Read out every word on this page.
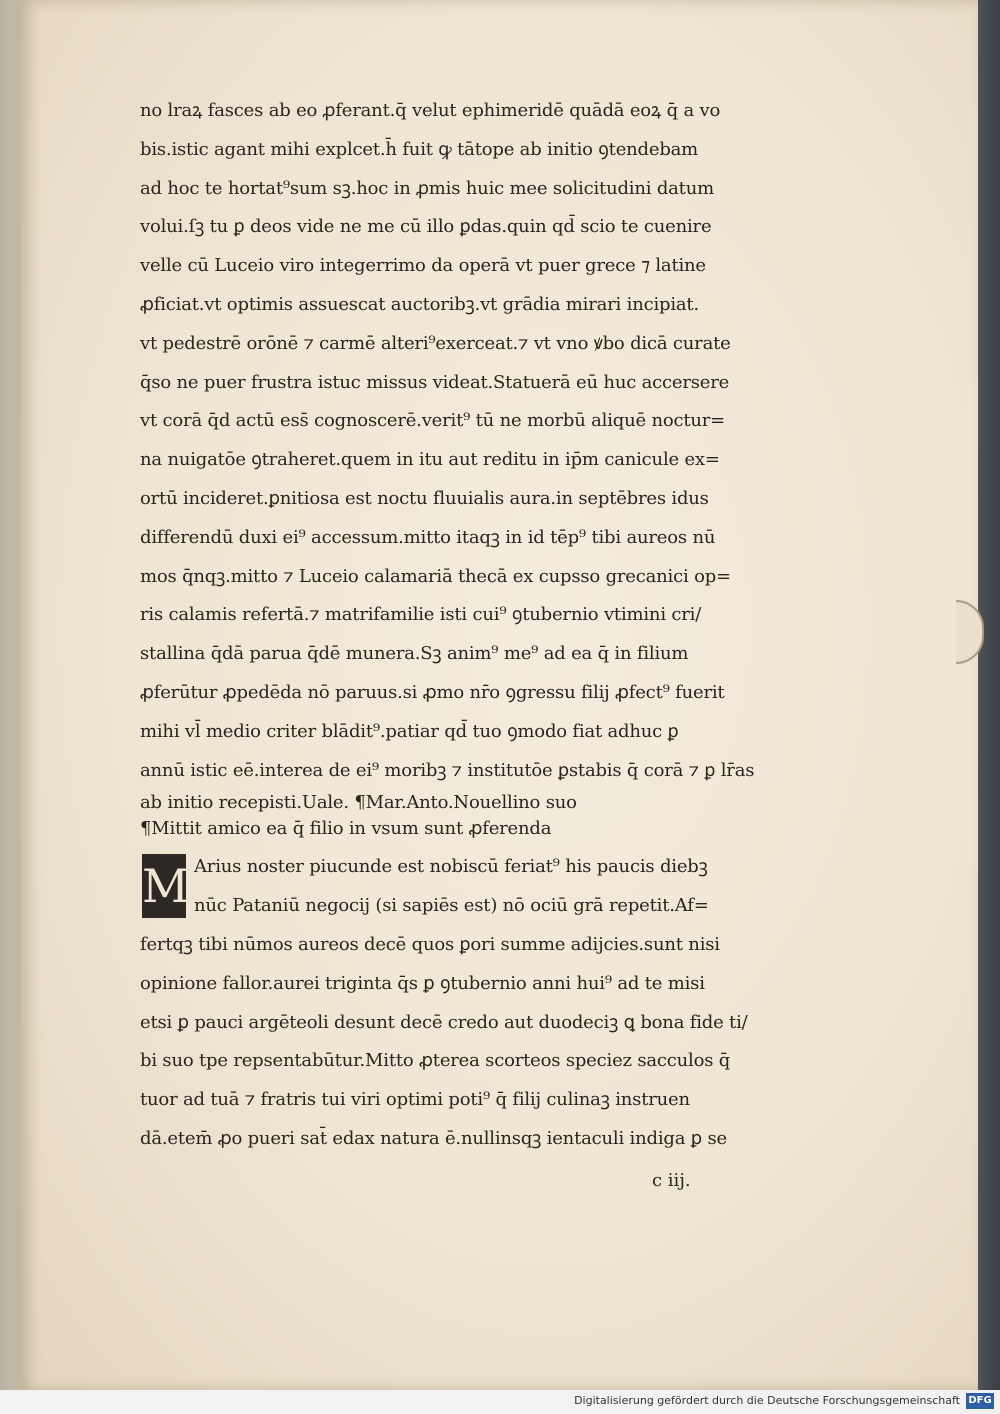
no lraꝝ fasces ab eo ꝓferant.q̄ velut ephimeridē quādā eoꝝ q̄ a vo
bis.istic agant mihi explcet.h̄ fuit ꝙ tātope ab initio ꝯtendebam
ad hoc te hortat⁹sum sꝫ.hoc in ꝓmis huic mee solicitudini datum
volui.ſꝫ tu ꝑ deos vide ne me cū illo ꝑdas.quin qd̄ scio te cuenire
velle cū Luceio viro integerrimo da operā vt puer grece ⁊ latine
ꝓficiat.vt optimis assuescat auctoribꝫ.vt grādia mirari incipiat.
vt pedestrē orōnē ⁊ carmē alteri⁹exerceat.⁊ vt vno ꝟbo dicā curate
q̄so ne puer frustra istuc missus videat.Statuerā eū huc accersere
vt corā q̄d actū ess̄ cognoscerē.verit⁹ tū ne morbū aliquē noctur=
na nuigatōe ꝯtraheret.quem in itu aut reditu in ip̄m canicule ex=
ortū incideret.ꝑnitiosa est noctu fluuialis aura.in septēbres idus
differendū duxi ei⁹ accessum.mitto itaqꝫ in id tēp⁹ tibi aureos nū
mos q̄nqꝫ.mitto ⁊ Luceio calamariā thecā ex cupsso grecanici op=
ris calamis refertā.⁊ matrifamilie isti cui⁹ ꝯtubernio vtimini cri/
stallina q̄dā parua q̄dē munera.Sꝫ anim⁹ me⁹ ad ea q̄ in filium
ꝓferūtur ꝓpedēda nō paruus.si ꝓmo nr̄o ꝯgressu filij ꝓfect⁹ fuerit
mihi vl̄ medio criter blādit⁹.patiar qd̄ tuo ꝯmodo fiat adhuc ꝑ
annū istic eē.interea de ei⁹ moribꝫ ⁊ institutōe ꝑstabis q̄ corā ⁊ ꝑ lr̄as
ab initio recepisti.Uale. ¶Mar.Anto.Nouellino suo
¶Mittit amico ea q̄ filio in vsum sunt ꝓferenda
M Arius noster piucunde est nobiscū feriat⁹ his paucis diebꝫ
nūc Pataniū negocij (si sapiēs est) nō ociū grā repetit.Af=
fertqꝫ tibi nūmos aureos decē quos ꝑori summe adijcies.sunt nisi
opinione fallor.aurei triginta q̄s ꝑ ꝯtubernio anni hui⁹ ad te misi
etsi ꝑ pauci argēteoli desunt decē credo aut duodeciꝫ ꝗ bona fide ti/
bi suo tpe repsentabūtur.Mitto ꝓterea scorteos speciez sacculos q̄
tuor ad tuā ⁊ fratris tui viri optimi poti⁹ q̄ filij culinaꝫ instruen
dā.etem̄ ꝓo pueri sat̄ edax natura ē.nullinsqꝫ ientaculi indiga ꝑ se
c iij.
Digitalisierung gefördert durch die Deutsche Forschungsgemeinschaft DFG
